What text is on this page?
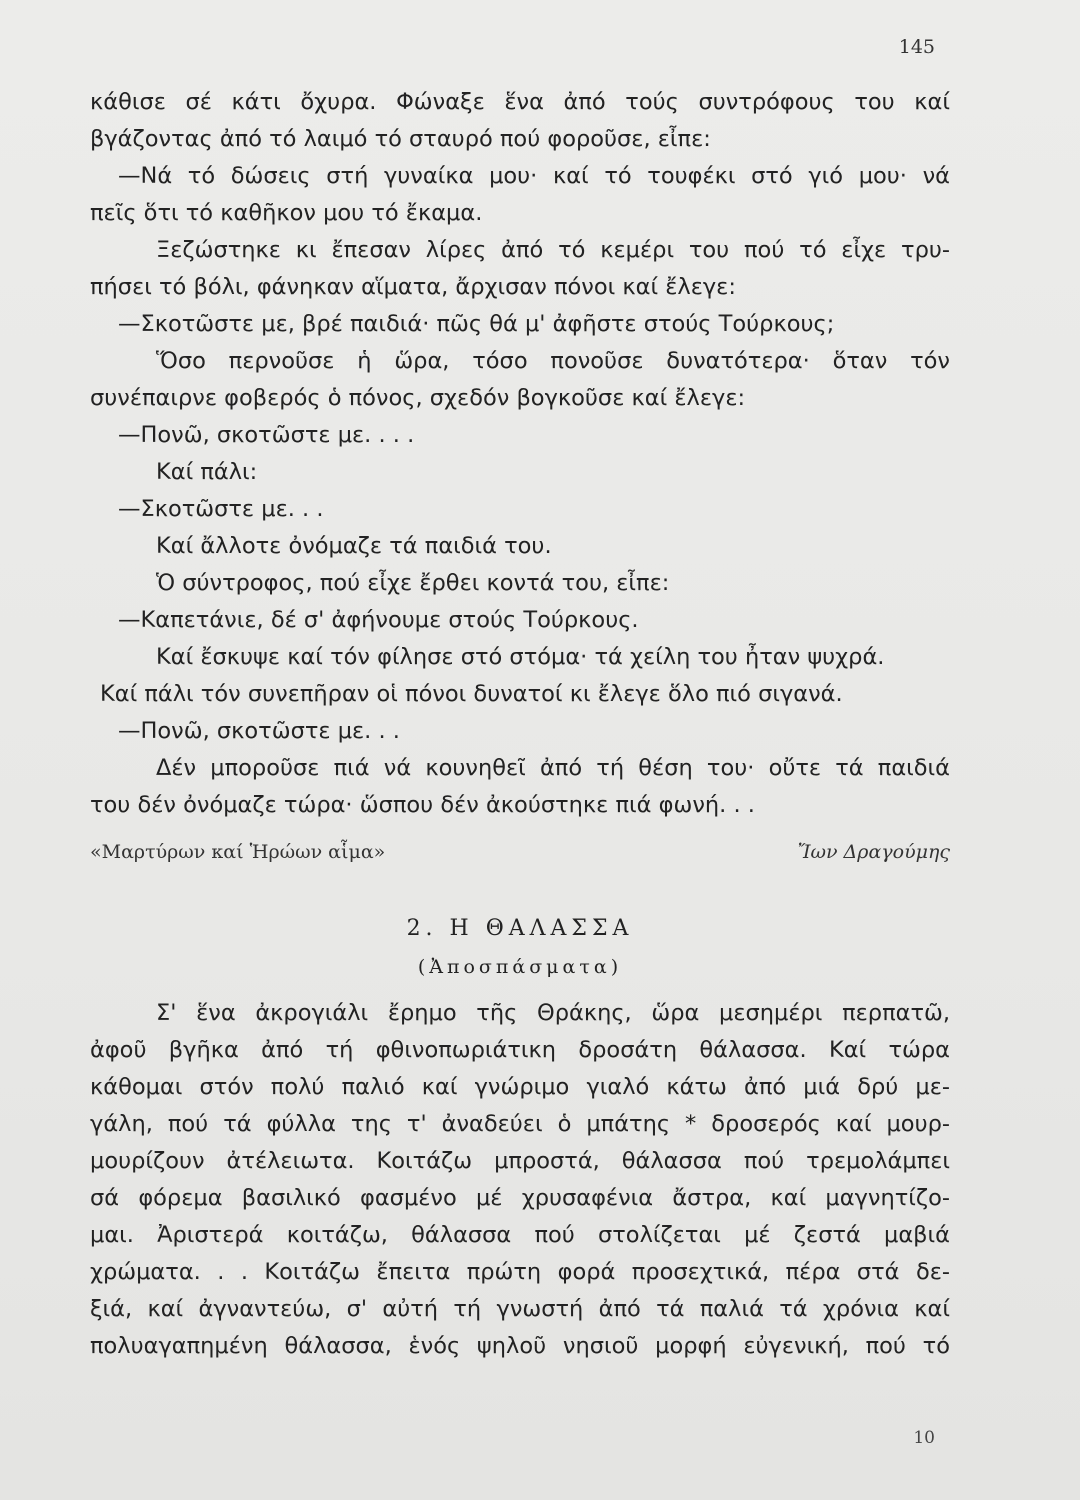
145
κάθισε σέ κάτι ὄχυρα. Φώναξε ἕνα ἀπό τούς συντρόφους του καί
βγάζοντας ἀπό τό λαιμό τό σταυρό πού φοροῦσε, εἶπε:
—Νά τό δώσεις στή γυναίκα μου· καί τό τουφέκι στό γιό μου· νά
πεῖς ὅτι τό καθῆκον μου τό ἔκαμα.
Ξεζώστηκε κι ἔπεσαν λίρες ἀπό τό κεμέρι του πού τό εἶχε τρυ-
πήσει τό βόλι, φάνηκαν αἵματα, ἄρχισαν πόνοι καί ἔλεγε:
—Σκοτῶστε με, βρέ παιδιά· πῶς θά μ' ἀφῆστε στούς Τούρκους;
Ὅσο περνοῦσε ἡ ὥρα, τόσο πονοῦσε δυνατότερα· ὅταν τόν
συνέπαιρνε φοβερός ὁ πόνος, σχεδόν βογκοῦσε καί ἔλεγε:
—Πονῶ, σκοτῶστε με. . . .
Καί πάλι:
—Σκοτῶστε με. . .
Καί ἄλλοτε ὀνόμαζε τά παιδιά του.
Ὁ σύντροφος, πού εἶχε ἔρθει κοντά του, εἶπε:
—Καπετάνιε, δέ σ' ἀφήνουμε στούς Τούρκους.
Καί ἔσκυψε καί τόν φίλησε στό στόμα· τά χείλη του ἦταν ψυχρά.
Καί πάλι τόν συνεπῆραν οἱ πόνοι δυνατοί κι ἔλεγε ὅλο πιό σιγανά.
—Πονῶ, σκοτῶστε με. . .
Δέν μποροῦσε πιά νά κουνηθεῖ ἀπό τή θέση του· οὔτε τά παιδιά
του δέν ὀνόμαζε τώρα· ὥσπου δέν ἀκούστηκε πιά φωνή. . .
«Μαρτύρων καί Ἡρώων αἷμα»	Ἴων Δραγούμης
2. Η ΘΑΛΑΣΣΑ
(Ἀποσπάσματα)
Σ' ἕνα ἀκρογιάλι ἔρημο τῆς Θράκης, ὥρα μεσημέρι περπατῶ,
ἀφοῦ βγῆκα ἀπό τή φθινοπωριάτικη δροσάτη θάλασσα. Καί τώρα
κάθομαι στόν πολύ παλιό καί γνώριμο γιαλό κάτω ἀπό μιά δρύ με-
γάλη, πού τά φύλλα της τ' ἀναδεύει ὁ μπάτης * δροσερός καί μουρ-
μουρίζουν ἀτέλειωτα. Κοιτάζω μπροστά, θάλασσα πού τρεμολάμπει
σά φόρεμα βασιλικό φασμένο μέ χρυσαφένια ἄστρα, καί μαγνητίζο-
μαι. Ἀριστερά κοιτάζω, θάλασσα πού στολίζεται μέ ζεστά μαβιά
χρώματα. . . Κοιτάζω ἔπειτα πρώτη φορά προσεχτικά, πέρα στά δε-
ξιά, καί ἀγναντεύω, σ' αὐτή τή γνωστή ἀπό τά παλιά τά χρόνια καί
πολυαγαπημένη θάλασσα, ἑνός ψηλοῦ νησιοῦ μορφή εὐγενική, πού τό
10
